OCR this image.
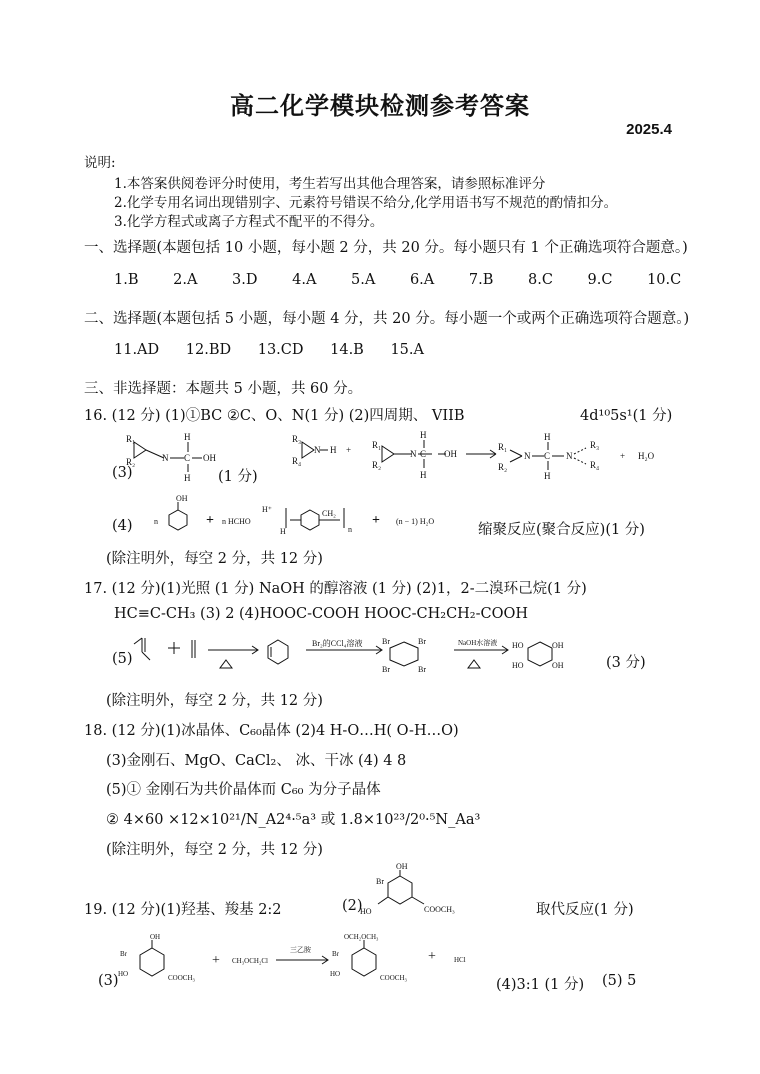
高二化学模块检测参考答案
2025.4
说明:
1.本答案供阅卷评分时使用，考生若写出其他合理答案，请参照标准评分
2.化学专用名词出现错别字、元素符号错误不给分,化学用语书写不规范的酌情扣分。
3.化学方程式或离子方程式不配平的不得分。
一、选择题(本题包括 10 小题，每小题 2 分，共 20 分。每小题只有 1 个正确选项符合题意。)
1.B 2.A 3.D 4.A 5.A 6.A 7.B 8.C 9.C 10.C
二、选择题(本题包括 5 小题，每小题 4 分，共 20 分。每小题一个或两个正确选项符合题意。)
11.AD 12.BD 13.CD 14.B 15.A
三、非选择题：本题共 5 小题，共 60 分。
16. (12 分) (1)①BC ②C、O、N(1 分) (2)四周期、 VIIB	4d¹⁰5s¹(1 分)
(3)
R₁
R₂	N C
H
H
OH
(1 分)
R₃
R₄
N H + R₁
R₂
N C
H
H
OH
R₁
R₂
N C
H
H
N
R₃
R₄
+ H₂O
(4)	n
OH
+ n HCHO
H⁺
H
CH₂
n
+ (n − 1) H₂O
缩聚反应(聚合反应)(1 分)
(除注明外，每空 2 分，共 12 分)
17. (12 分)(1)光照 (1 分) NaOH 的醇溶液 (1 分) (2)1，2-二溴环己烷(1 分)
HC≡C-CH₃ (3) 2 (4)HOOC-COOH HOOC-CH₂CH₂-COOH
(5)
Br₂的CCl₄溶液	NaOH水溶液
Br	Br
Br	Br
HO	OH
HO	OH	(3 分)
(除注明外，每空 2 分，共 12 分)
18. (12 分)(1)冰晶体、C₆₀晶体 (2)4 H-O…H( O-H…O)
(3)金刚石、MgO、CaCl₂、 冰、干冰 (4) 4 8
(5)① 金刚石为共价晶体而 C₆₀ 为分子晶体
② 4×60 ×12×10²¹/N_A2⁴·⁵a³ 或 1.8×10²³/2⁰·⁵N_Aa³
(除注明外，每空 2 分，共 12 分)
19. (12 分)(1)羟基、羧基 2:2	(2)
OH
Br
HO	COOCH₃	取代反应(1 分)
(3)
OH
Br
HO	COOCH₃
+ CH₃OCH₂Cl
三乙胺
OCH₂OCH₃
Br
HO	COOCH₃
+	HCl
(4)3:1 (1 分) (5) 5
